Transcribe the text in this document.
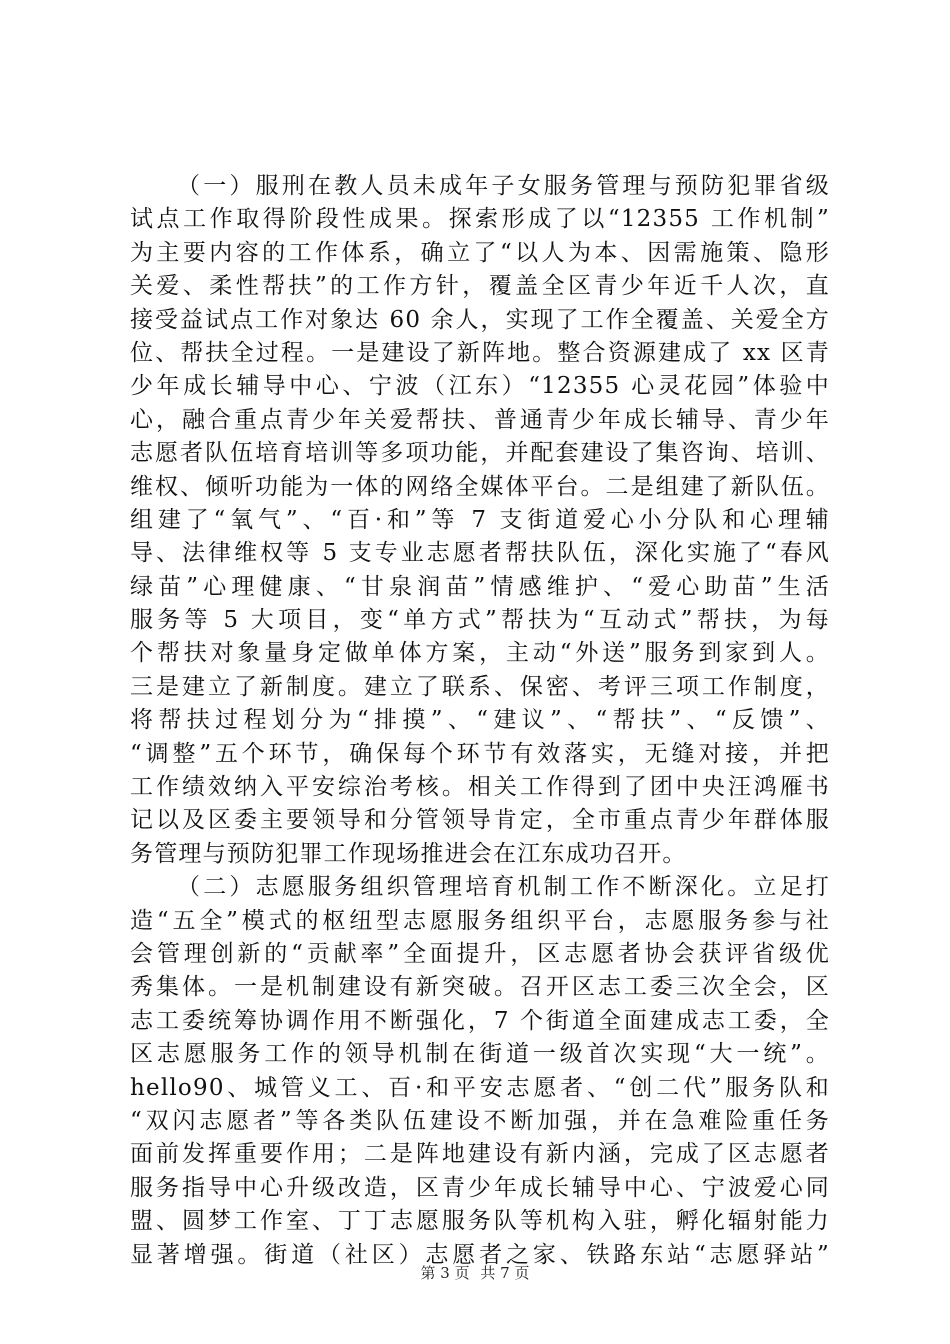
（一）服刑在教人员未成年子女服务管理与预防犯罪省级
试点工作取得阶段性成果。探索形成了以“12355 工作机制”
为主要内容的工作体系，确立了“以人为本、因需施策、隐形
关爱、柔性帮扶”的工作方针，覆盖全区青少年近千人次，直
接受益试点工作对象达 60 余人，实现了工作全覆盖、关爱全方
位、帮扶全过程。一是建设了新阵地。整合资源建成了 xx 区青
少年成长辅导中心、宁波（江东）“12355 心灵花园”体验中
心，融合重点青少年关爱帮扶、普通青少年成长辅导、青少年
志愿者队伍培育培训等多项功能，并配套建设了集咨询、培训、
维权、倾听功能为一体的网络全媒体平台。二是组建了新队伍。
组建了“氧气”、“百·和”等 7 支街道爱心小分队和心理辅
导、法律维权等 5 支专业志愿者帮扶队伍，深化实施了“春风
绿苗”心理健康、“甘泉润苗”情感维护、“爱心助苗”生活
服务等 5 大项目，变“单方式”帮扶为“互动式”帮扶，为每
个帮扶对象量身定做单体方案，主动“外送”服务到家到人。
三是建立了新制度。建立了联系、保密、考评三项工作制度，
将帮扶过程划分为“排摸”、“建议”、“帮扶”、“反馈”、
“调整”五个环节，确保每个环节有效落实，无缝对接，并把
工作绩效纳入平安综治考核。相关工作得到了团中央汪鸿雁书
记以及区委主要领导和分管领导肯定，全市重点青少年群体服
务管理与预防犯罪工作现场推进会在江东成功召开。
（二）志愿服务组织管理培育机制工作不断深化。立足打
造“五全”模式的枢纽型志愿服务组织平台，志愿服务参与社
会管理创新的“贡献率”全面提升，区志愿者协会获评省级优
秀集体。一是机制建设有新突破。召开区志工委三次全会，区
志工委统筹协调作用不断强化，7 个街道全面建成志工委，全
区志愿服务工作的领导机制在街道一级首次实现“大一统”。
hello90、城管义工、百·和平安志愿者、“创二代”服务队和
“双闪志愿者”等各类队伍建设不断加强，并在急难险重任务
面前发挥重要作用；二是阵地建设有新内涵，完成了区志愿者
服务指导中心升级改造，区青少年成长辅导中心、宁波爱心同
盟、圆梦工作室、丁丁志愿服务队等机构入驻，孵化辐射能力
显著增强。街道（社区）志愿者之家、铁路东站“志愿驿站”
第 3 页 共 7 页
